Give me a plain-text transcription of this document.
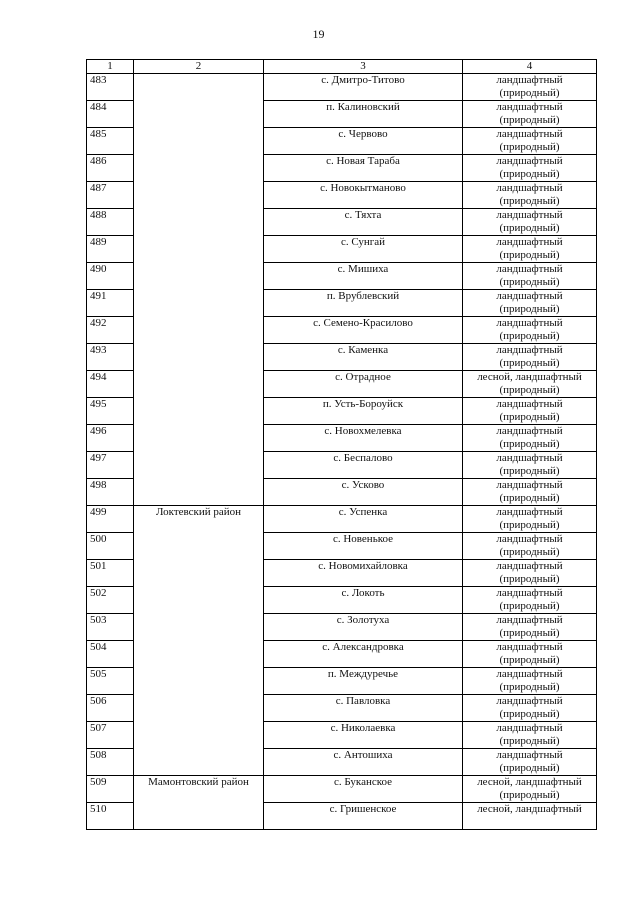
19
1	2	3	4
483		с. Дмитро-Титово	ландшафтный
(природный)

484		п. Калиновский	ландшафтный
(природный)

485		с. Червово	ландшафтный
(природный)

486		с. Новая Тараба	ландшафтный
(природный)

487		с. Новокытманово	ландшафтный
(природный)

488		с. Тяхта	ландшафтный
(природный)

489		с. Сунгай	ландшафтный
(природный)

490		с. Мишиха	ландшафтный
(природный)

491		п. Врублевский	ландшафтный
(природный)

492		с. Семено-Красилово	ландшафтный
(природный)

493		с. Каменка	ландшафтный
(природный)

494		с. Отрадное	лесной, ландшафтный
(природный)

495		п. Усть-Бороуйск	ландшафтный
(природный)

496		с. Новохмелевка	ландшафтный
(природный)

497		с. Беспалово	ландшафтный
(природный)

498		с. Усково	ландшафтный
(природный)

499	Локтевский район	с. Успенка	ландшафтный
(природный)

500		с. Новенькое	ландшафтный
(природный)

501		с. Новомихайловка	ландшафтный
(природный)

502		с. Локоть	ландшафтный
(природный)

503		с. Золотуха	ландшафтный
(природный)

504		с. Александровка	ландшафтный
(природный)

505		п. Междуречье	ландшафтный
(природный)

506		с. Павловка	ландшафтный
(природный)

507		с. Николаевка	ландшафтный
(природный)

508		с. Антошиха	ландшафтный
(природный)

509	Мамонтовский район	с. Буканское	лесной, ландшафтный
(природный)

510		с. Гришенское	лесной, ландшафтный
